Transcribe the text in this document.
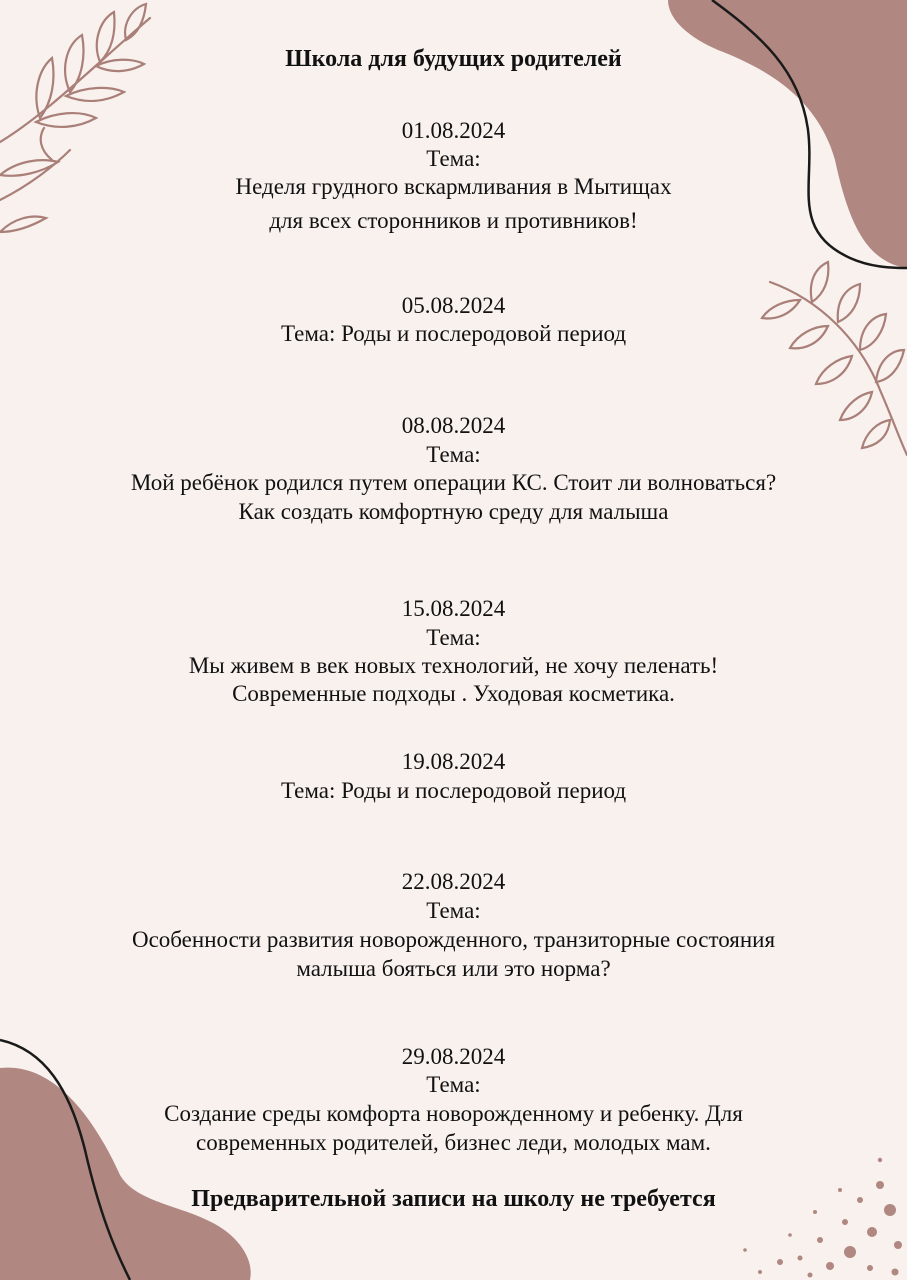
Школа для будущих родителей
01.08.2024
Тема:
Неделя грудного вскармливания в Мытищах
для всех сторонников и противников!
05.08.2024
Тема: Роды и послеродовой период
08.08.2024
Тема:
Мой ребёнок родился путем операции КС. Стоит ли волноваться?
Как создать комфортную среду для малыша
15.08.2024
Тема:
Мы живем в век новых технологий, не хочу пеленать!
Современные подходы . Уходовая косметика.
19.08.2024
Тема: Роды и послеродовой период
22.08.2024
Тема:
Особенности развития новорожденного, транзиторные состояния
малыша бояться или это норма?
29.08.2024
Тема:
Создание среды комфорта новорожденному и ребенку. Для
современных родителей, бизнес леди, молодых мам.
Предварительной записи на школу не требуется
